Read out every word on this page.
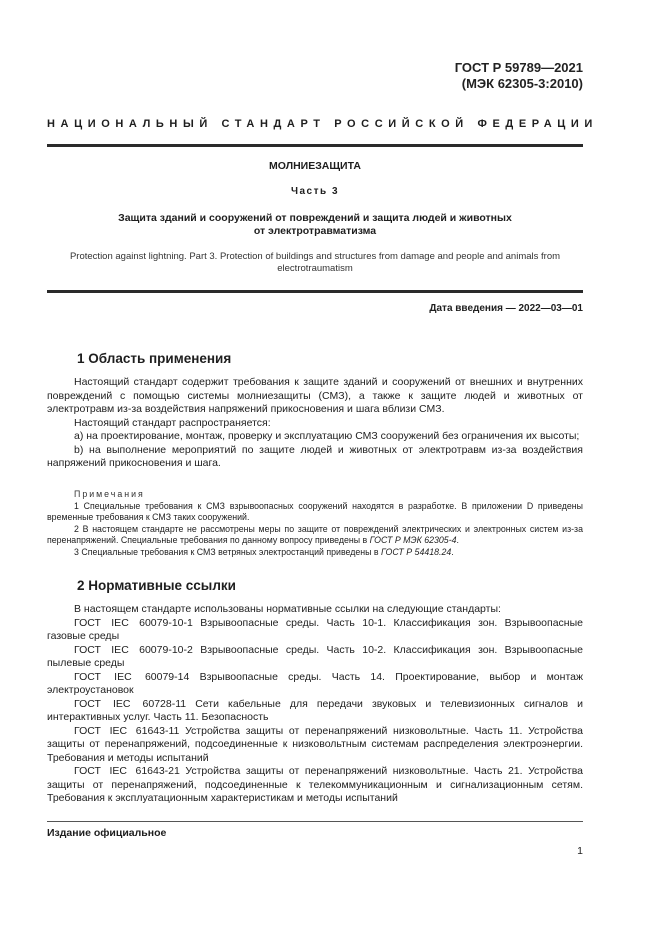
ГОСТ Р 59789—2021
(МЭК 62305-3:2010)
НАЦИОНАЛЬНЫЙ СТАНДАРТ РОССИЙСКОЙ ФЕДЕРАЦИИ
МОЛНИЕЗАЩИТА
Часть 3
Защита зданий и сооружений от повреждений и защита людей и животных
от электротравматизма
Protection against lightning. Part 3. Protection of buildings and structures from damage and people and animals from
electrotraumatism
Дата введения — 2022—03—01
1 Область применения

Настоящий стандарт содержит требования к защите зданий и сооружений от внешних и внутренних повреждений с помощью системы молниезащиты (СМЗ), а также к защите людей и животных от электротравм из-за воздействия напряжений прикосновения и шага вблизи СМЗ.

Настоящий стандарт распространяется:

a) на проектирование, монтаж, проверку и эксплуатацию СМЗ сооружений без ограничения их высоты;

b) на выполнение мероприятий по защите людей и животных от электротравм из-за воздействия напряжений прикосновения и шага.

Примечания

1 Специальные требования к СМЗ взрывоопасных сооружений находятся в разработке. В приложении D приведены временные требования к СМЗ таких сооружений.

2 В настоящем стандарте не рассмотрены меры по защите от повреждений электрических и электронных систем из-за перенапряжений. Специальные требования по данному вопросу приведены в ГОСТ Р МЭК 62305-4.

3 Специальные требования к СМЗ ветряных электростанций приведены в ГОСТ Р 54418.24.

2 Нормативные ссылки

В настоящем стандарте использованы нормативные ссылки на следующие стандарты:

ГОСТ IEC 60079-10-1 Взрывоопасные среды. Часть 10-1. Классификация зон. Взрывоопасные газовые среды

ГОСТ IEC 60079-10-2 Взрывоопасные среды. Часть 10-2. Классификация зон. Взрывоопасные пылевые среды

ГОСТ IEC 60079-14 Взрывоопасные среды. Часть 14. Проектирование, выбор и монтаж электроустановок

ГОСТ IEC 60728-11 Сети кабельные для передачи звуковых и телевизионных сигналов и интерактивных услуг. Часть 11. Безопасность

ГОСТ IEC 61643-11 Устройства защиты от перенапряжений низковольтные. Часть 11. Устройства защиты от перенапряжений, подсоединенные к низковольтным системам распределения электроэнергии. Требования и методы испытаний

ГОСТ IEC 61643-21 Устройства защиты от перенапряжений низковольтные. Часть 21. Устройства защиты от перенапряжений, подсоединенные к телекоммуникационным и сигнализационным сетям. Требования к эксплуатационным характеристикам и методы испытаний

Издание официальное
1
